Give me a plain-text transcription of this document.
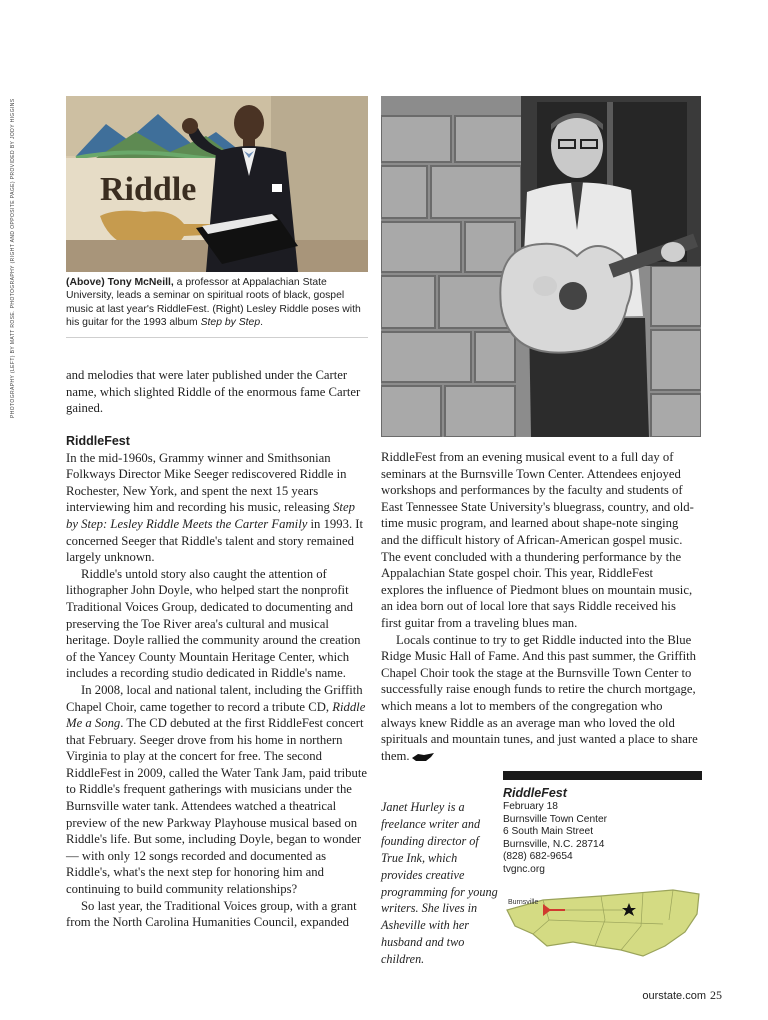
PHOTOGRAPHY (LEFT) BY MATT ROSE. PHOTOGRAPHY (RIGHT AND OPPOSITE PAGE) PROVIDED BY JODY HIGGINS Riddle
(Above) Tony McNeill, a professor at Appalachian State University, leads a seminar on spiritual roots of black, gospel music at last year's RiddleFest. (Right) Lesley Riddle poses with his guitar for the 1993 album Step by Step.

and melodies that were later published under the Carter name, which slighted Riddle of the enormous fame Carter gained.

RiddleFest

In the mid-1960s, Grammy winner and Smithsonian Folkways Director Mike Seeger rediscovered Riddle in Rochester, New York, and spent the next 15 years interviewing him and recording his music, releasing Step by Step: Lesley Riddle Meets the Carter Family in 1993. It concerned Seeger that Riddle's talent and story remained largely unknown.

Riddle's untold story also caught the attention of lithographer John Doyle, who helped start the nonprofit Traditional Voices Group, dedicated to documenting and preserving the Toe River area's cultural and musical heritage. Doyle rallied the community around the creation of the Yancey County Mountain Heritage Center, which includes a recording studio dedicated in Riddle's name.

In 2008, local and national talent, including the Griffith Chapel Choir, came together to record a tribute CD, Riddle Me a Song. The CD debuted at the first RiddleFest concert that February. Seeger drove from his home in northern Virginia to play at the concert for free. The second RiddleFest in 2009, called the Water Tank Jam, paid tribute to Riddle's frequent gatherings with musicians under the Burnsville water tank. Attendees watched a theatrical preview of the new Parkway Playhouse musical based on Riddle's life. But some, including Doyle, began to wonder — with only 12 songs recorded and documented as Riddle's, what's the next step for honoring him and continuing to build community relationships?

So last year, the Traditional Voices group, with a grant from the North Carolina Humanities Council, expanded

RiddleFest from an evening musical event to a full day of seminars at the Burnsville Town Center. Attendees enjoyed workshops and performances by the faculty and students of East Tennessee State University's bluegrass, country, and old-time music program, and learned about shape-note singing and the difficult history of African-American gospel music. The event concluded with a thundering performance by the Appalachian State gospel choir. This year, RiddleFest explores the influence of Piedmont blues on mountain music, an idea born out of local lore that says Riddle received his first guitar from a traveling blues man.

Locals continue to try to get Riddle inducted into the Blue Ridge Music Hall of Fame. And this past summer, the Griffith Chapel Choir took the stage at the Burnsville Town Center to successfully raise enough funds to retire the church mortgage, which means a lot to members of the congregation who always knew Riddle as an average man who loved the old spirituals and mountain tunes, and just wanted a place to share them.

Janet Hurley is a freelance writer and founding director of True Ink, which provides creative programming for young writers. She lives in Asheville with her husband and two children.
RiddleFest
February 18
Burnsville Town Center
6 South Main Street
Burnsville, N.C. 28714
(828) 682-9654
tvgnc.org
Burnsville
ourstate.com 25
